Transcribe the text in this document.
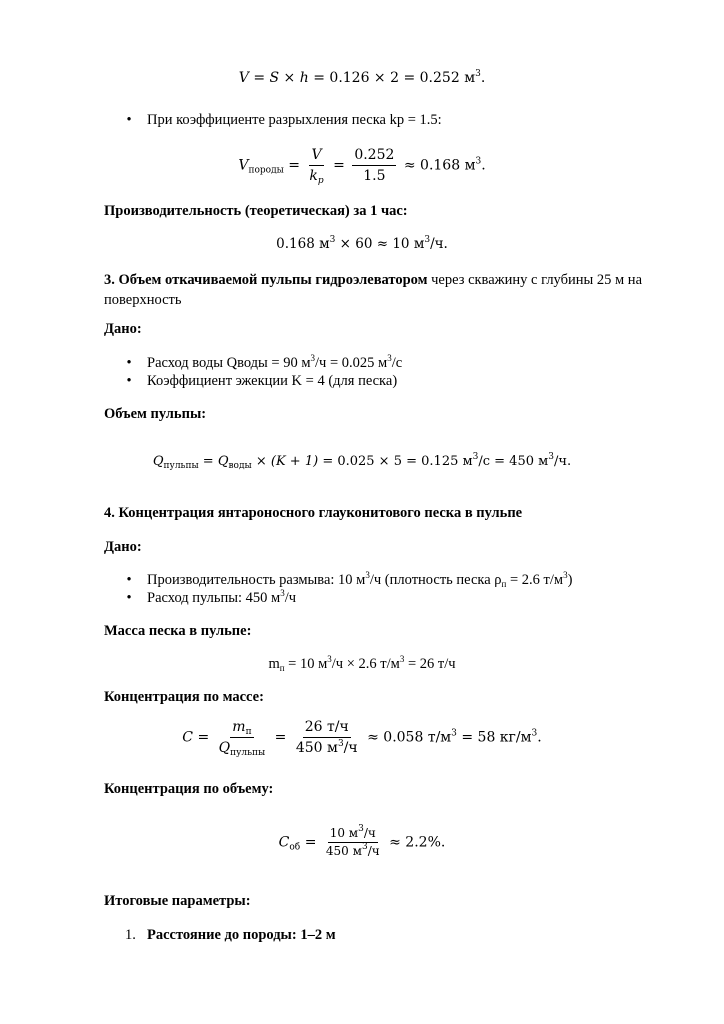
V = S × h = 0.126 × 2 = 0.252 $м^3$.
• При коэффициенте разрыхления песка kp = 1.5:
$V_{породы} = \frac{V}{k_p} = \frac{0.252}{1.5} \approx 0.168$ $м^3$.
Производительность (теоретическая) за 1 час:
0.168 $м^3 \times 60 \approx 10$ $м^3/ч$.
3. Объем откачиваемой пульпы гидроэлеватором через скважину с глубины 25 м на поверхность
Дано:
• Расход воды Qводы = 90 $м^3/ч = 0.025$ $м^3/с$
• Коэффициент эжекции K = 4 (для песка)
Объем пульпы:
$Q_{пульпы} = Q_{воды} \times (K + 1) = 0.025 \times 5 = 0.125$ $м^3/с = 450$ $м^3/ч$.
4. Концентрация янтароносного глауконитового песка в пульпе
Дано:
• Производительность размыва: 10 $м^3/ч$ (плотность песка $\rho_п = 2.6$ $т/м^3$)
• Расход пульпы: 450 $м^3/ч$
Масса песка в пульпе:
$m_п = 10$ $м^3/ч \times 2.6$ $т/м^3 = 26$ т/ч
Концентрация по массе:
$C = \frac{m_п}{Q_{пульпы}} = \frac{26 т/ч}{450 м^3/ч} \approx 0.058$ $т/м^3 = 58$ $кг/м^3$.
Концентрация по объему:
$C_{об} = \frac{10 м^3/ч}{450 м^3/ч} \approx 2.2\%$.
Итоговые параметры:
1. Расстояние до породы: 1–2 м
